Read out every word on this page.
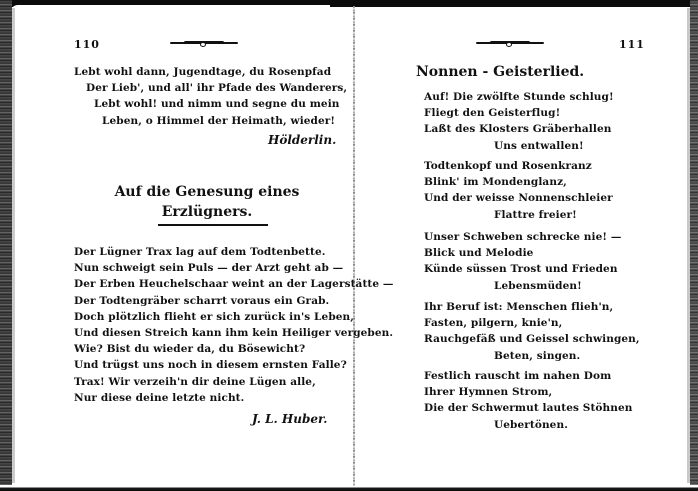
110
Lebt wohl dann, Jugendtage, du Rosenpfad
Der Lieb', und all' ihr Pfade des Wanderers,
Lebt wohl! und nimm und segne du mein
Leben, o Himmel der Heimath, wieder!
Hölderlin.
Auf die Genesung eines
Erzlügners.
Der Lügner Trax lag auf dem Todtenbette.
Nun schweigt sein Puls — der Arzt geht ab —
Der Erben Heuchelschaar weint an der Lagerstätte —
Der Todtengräber scharrt voraus ein Grab.
Doch plötzlich flieht er sich zurück in's Leben,
Und diesen Streich kann ihm kein Heiliger vergeben.
Wie? Bist du wieder da, du Bösewicht?
Und trügst uns noch in diesem ernsten Falle?
Trax! Wir verzeih'n dir deine Lügen alle,
Nur diese deine letzte nicht.
J. L. Huber.
111
Nonnen - Geisterlied.
Auf! Die zwölfte Stunde schlug!
Fliegt den Geisterflug!
Laßt des Klosters Gräberhallen
Uns entwallen!
Todtenkopf und Rosenkranz
Blink' im Mondenglanz,
Und der weisse Nonnenschleier
Flattre freier!
Unser Schweben schrecke nie! —
Blick und Melodie
Künde süssen Trost und Frieden
Lebensmüden!
Ihr Beruf ist: Menschen flieh'n,
Fasten, pilgern, knie'n,
Rauchgefäß und Geissel schwingen,
Beten, singen.
Festlich rauscht im nahen Dom
Ihrer Hymnen Strom,
Die der Schwermut lautes Stöhnen
Uebertönen.
